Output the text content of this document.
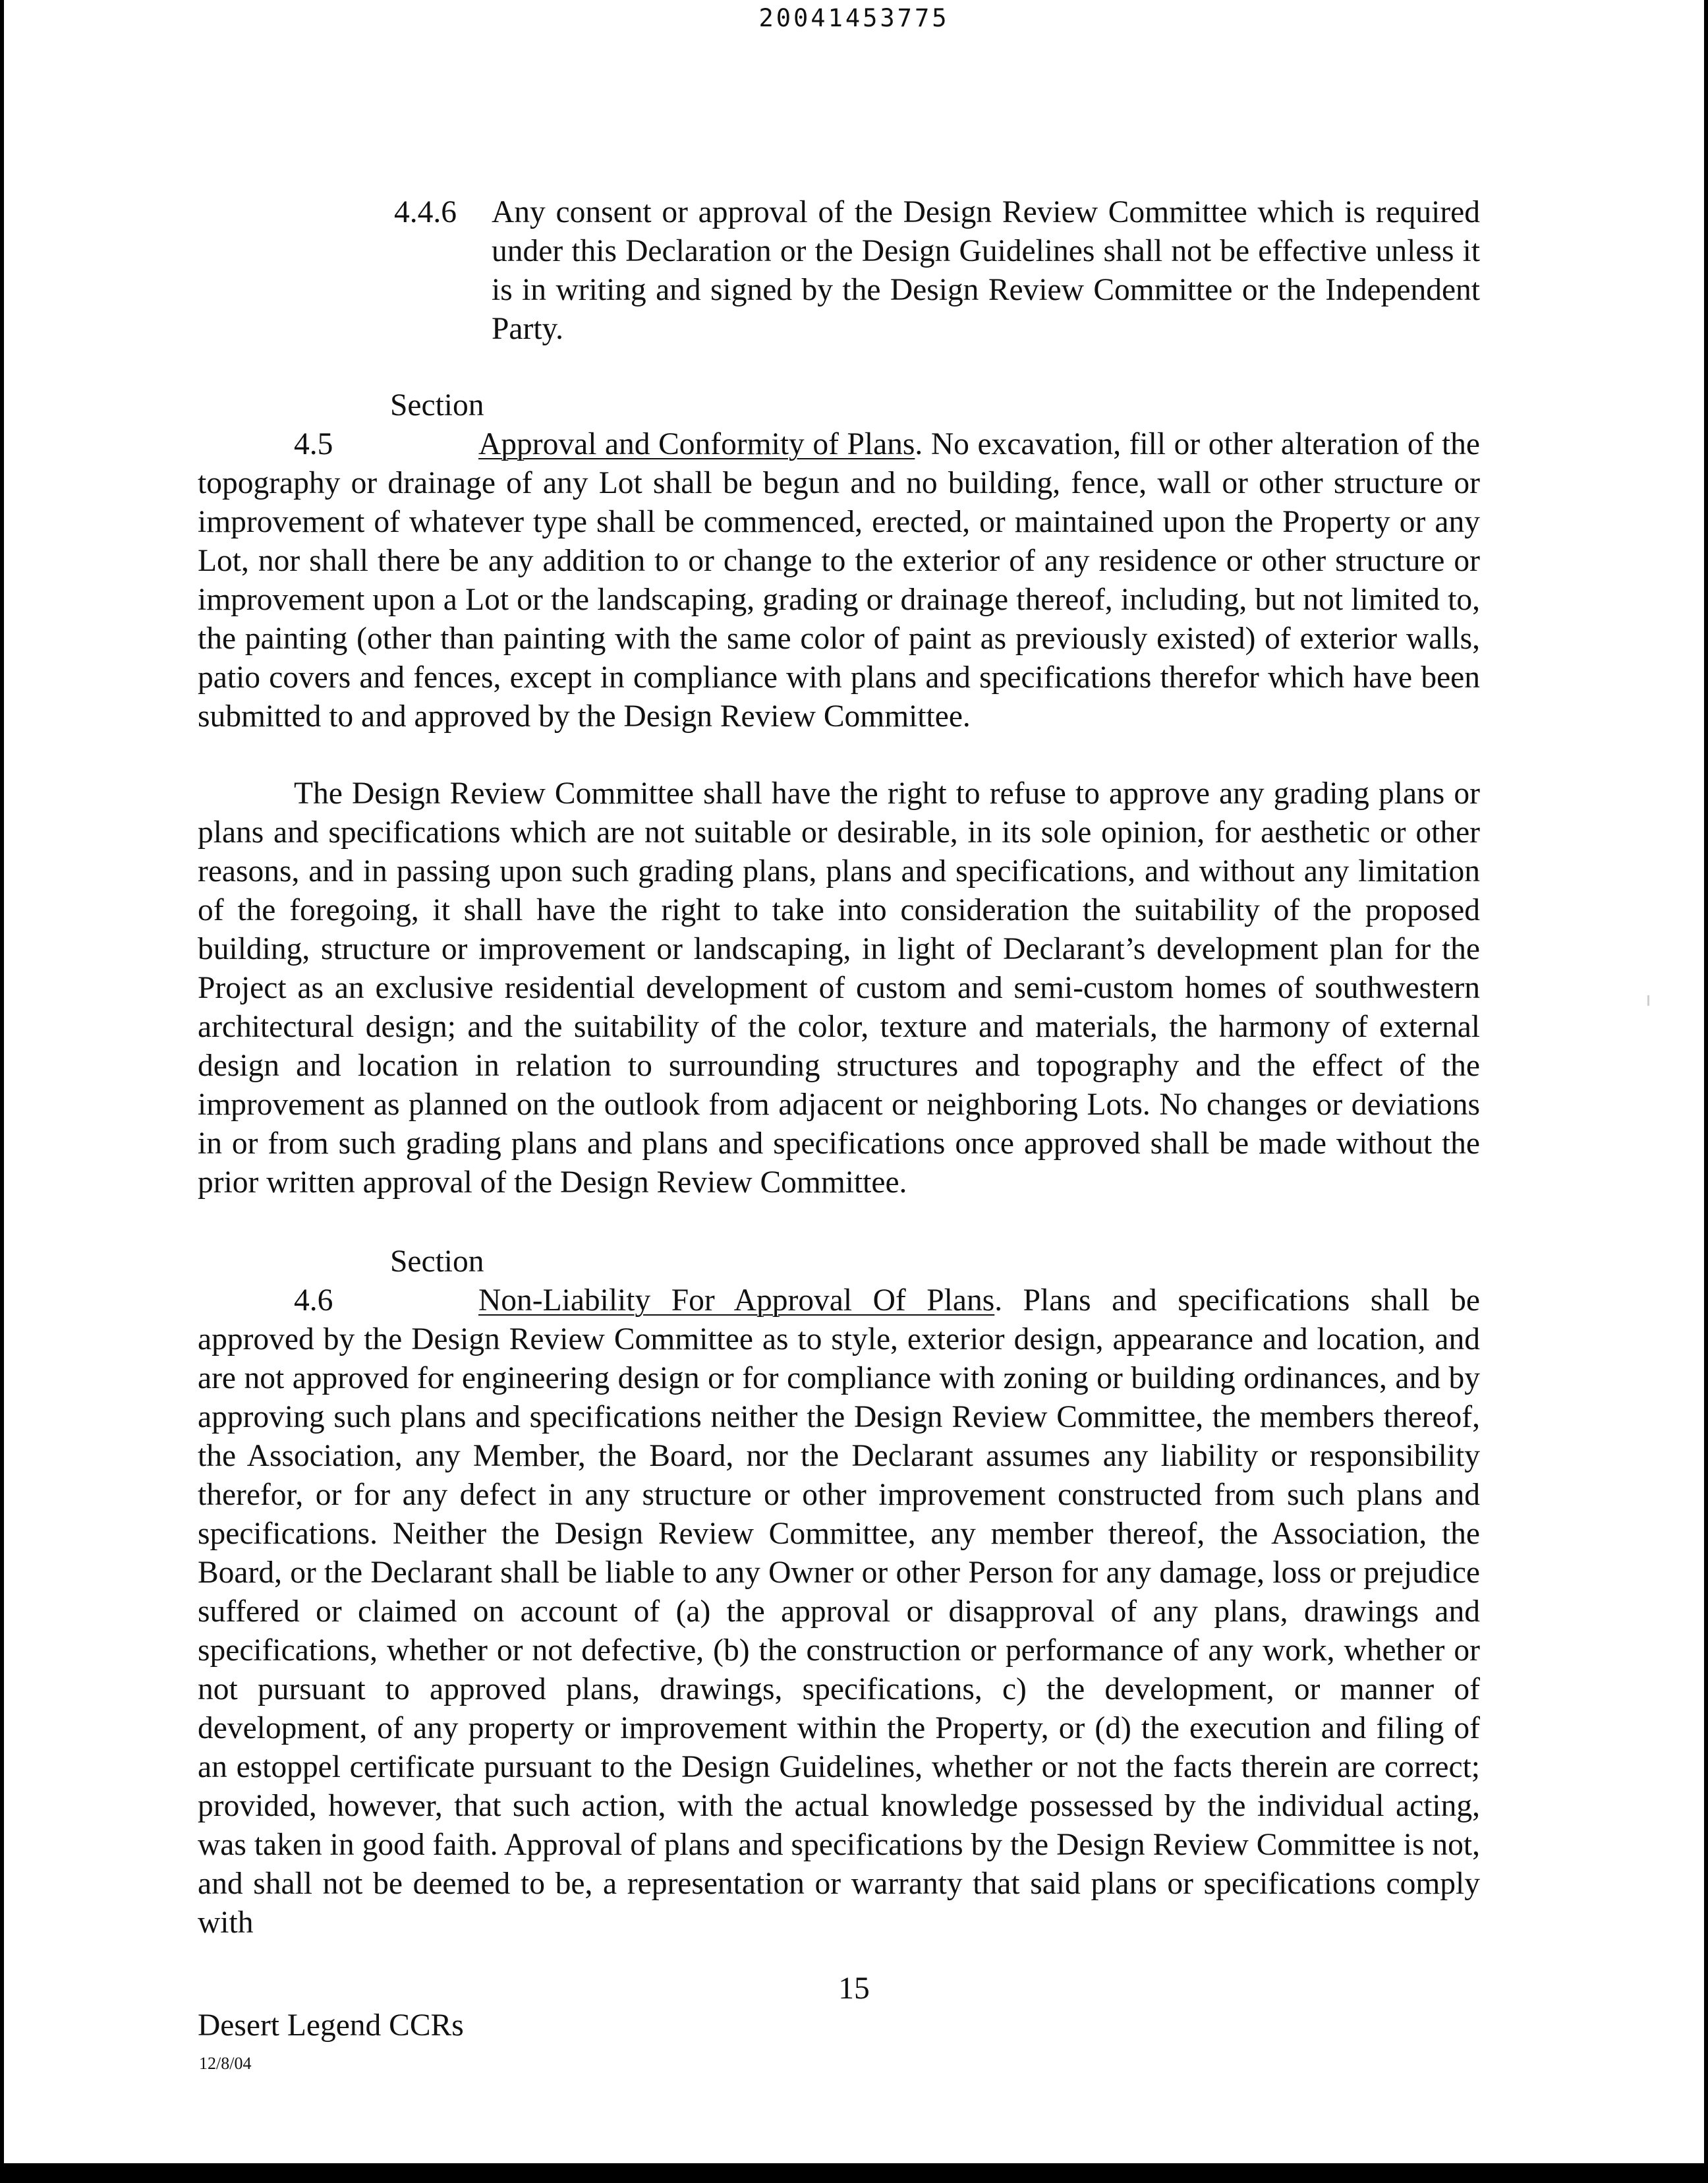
20041453775

4.4.6 Any consent or approval of the Design Review Committee which is required under this Declaration or the Design Guidelines shall not be effective unless it is in writing and signed by the Design Review Committee or the Independent Party.

Section 4.5	Approval and Conformity of Plans. No excavation, fill or other alteration of the topography or drainage of any Lot shall be begun and no building, fence, wall or other structure or improvement of whatever type shall be commenced, erected, or maintained upon the Property or any Lot, nor shall there be any addition to or change to the exterior of any residence or other structure or improvement upon a Lot or the landscaping, grading or drainage thereof, including, but not limited to, the painting (other than painting with the same color of paint as previously existed) of exterior walls, patio covers and fences, except in compliance with plans and specifications therefor which have been submitted to and approved by the Design Review Committee.

The Design Review Committee shall have the right to refuse to approve any grading plans or plans and specifications which are not suitable or desirable, in its sole opinion, for aesthetic or other reasons, and in passing upon such grading plans, plans and specifications, and without any limitation of the foregoing, it shall have the right to take into consideration the suitability of the proposed building, structure or improvement or landscaping, in light of Declarant’s development plan for the Project as an exclusive residential development of custom and semi-custom homes of southwestern architectural design; and the suitability of the color, texture and materials, the harmony of external design and location in relation to surrounding structures and topography and the effect of the improvement as planned on the outlook from adjacent or neighboring Lots. No changes or deviations in or from such grading plans and plans and specifications once approved shall be made without the prior written approval of the Design Review Committee.

Section 4.6	Non-Liability For Approval Of Plans. Plans and specifications shall be approved by the Design Review Committee as to style, exterior design, appearance and location, and are not approved for engineering design or for compliance with zoning or building ordinances, and by approving such plans and specifications neither the Design Review Committee, the members thereof, the Association, any Member, the Board, nor the Declarant assumes any liability or responsibility therefor, or for any defect in any structure or other improvement constructed from such plans and specifications. Neither the Design Review Committee, any member thereof, the Association, the Board, or the Declarant shall be liable to any Owner or other Person for any damage, loss or prejudice suffered or claimed on account of (a) the approval or disapproval of any plans, drawings and specifications, whether or not defective, (b) the construction or performance of any work, whether or not pursuant to approved plans, drawings, specifications, c) the development, or manner of development, of any property or improvement within the Property, or (d) the execution and filing of an estoppel certificate pursuant to the Design Guidelines, whether or not the facts therein are correct; provided, however, that such action, with the actual knowledge possessed by the individual acting, was taken in good faith. Approval of plans and specifications by the Design Review Committee is not, and shall not be deemed to be, a representation or warranty that said plans or specifications comply with

15
Desert Legend CCRs
12/8/04
